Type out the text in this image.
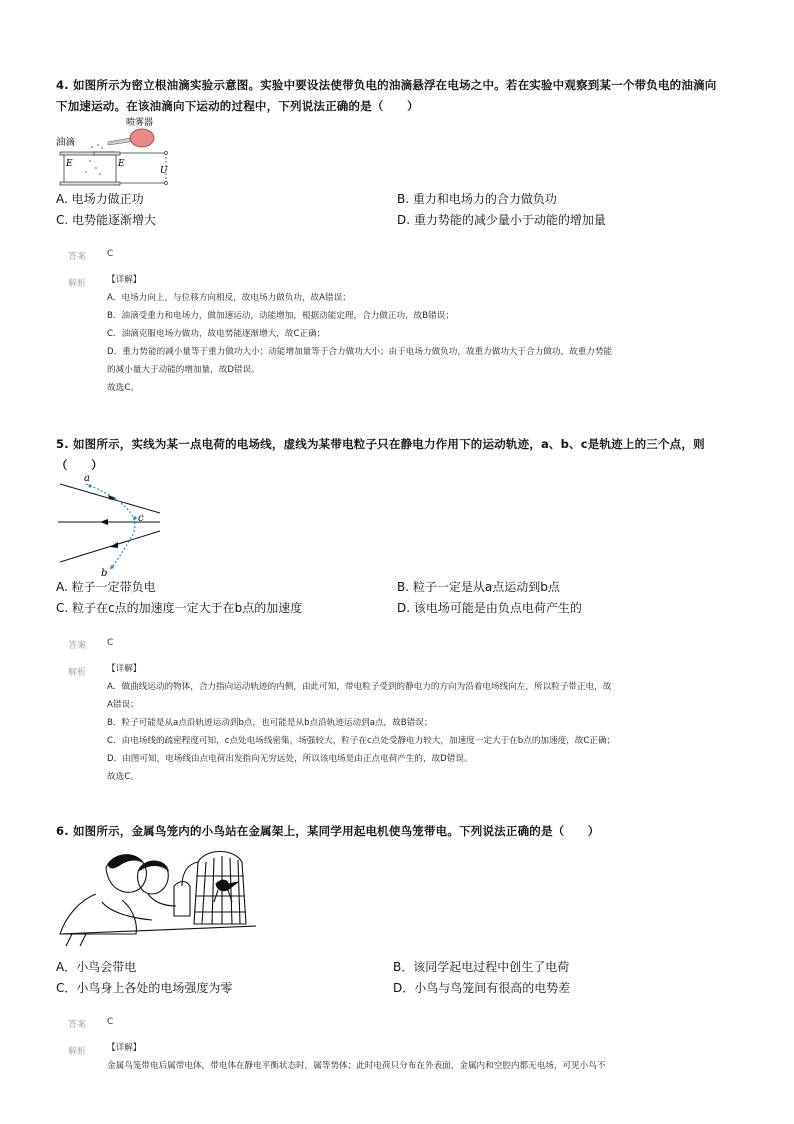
4. 如图所示为密立根油滴实验示意图。实验中要设法使带负电的油滴悬浮在电场之中。若在实验中观察到某一个带负电的油滴向
下加速运动。在该油滴向下运动的过程中，下列说法正确的是（　　）
喷雾器
油滴
E	E
U
A. 电场力做正功	B. 重力和电场力的合力做负功
C. 电势能逐渐增大	D. 重力势能的减少量小于动能的增加量
答案 C
解析 【详解】
A．电场力向上，与位移方向相反，故电场力做负功，故A错误；
B．油滴受重力和电场力，做加速运动，动能增加，根据动能定理，合力做正功，故B错误；
C．油滴克服电场力做功，故电势能逐渐增大，故C正确；
D．重力势能的减小量等于重力做功大小；动能增加量等于合力做功大小；由于电场力做负功，故重力做功大于合力做功，故重力势能
的减小量大于动能的增加量，故D错误。
故选C。
5. 如图所示，实线为某一点电荷的电场线，虚线为某带电粒子只在静电力作用下的运动轨迹，a、b、c是轨迹上的三个点，则
（　　）
a
c
b
A. 粒子一定带负电	B. 粒子一定是从a点运动到b点
C. 粒子在c点的加速度一定大于在b点的加速度	D. 该电场可能是由负点电荷产生的
答案 C
解析 【详解】
A．做曲线运动的物体，合力指向运动轨迹的内侧，由此可知，带电粒子受到的静电力的方向为沿着电场线向左，所以粒子带正电，故
A错误；
B．粒子可能是从a点沿轨迹运动到b点，也可能是从b点沿轨迹运动到a点，故B错误；
C．由电场线的疏密程度可知，c点处电场线密集，场强较大，粒子在c点处受静电力较大，加速度一定大于在b点的加速度，故C正确；
D．由图可知，电场线由点电荷出发指向无穷远处，所以该电场是由正点电荷产生的，故D错误。
故选C。
6. 如图所示，金属鸟笼内的小鸟站在金属架上，某同学用起电机使鸟笼带电。下列说法正确的是（　　）
A．小鸟会带电	B．该同学起电过程中创生了电荷
C．小鸟身上各处的电场强度为零	D．小鸟与鸟笼间有很高的电势差
答案 C
解析 【详解】
金属鸟笼带电后属带电体，带电体在静电平衡状态时，属等势体；此时电荷只分布在外表面，金属内和空腔内都无电场，可见小鸟不
